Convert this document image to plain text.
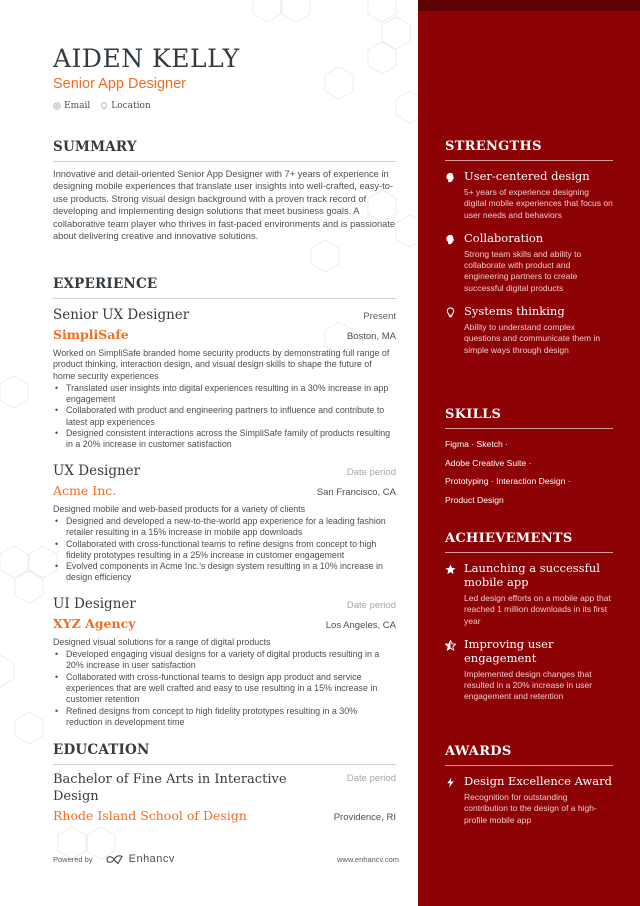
AIDEN KELLY
Senior App Designer
Email Location
SUMMARY

Innovative and detail-oriented Senior App Designer with 7+ years of experience in designing mobile experiences that translate user insights into well-crafted, easy-to-use products. Strong visual design background with a proven track record of developing and implementing design solutions that meet business goals. A collaborative team player who thrives in fast-paced environments and is passionate about delivering creative and innovative solutions.

EXPERIENCE
Senior UX Designer	Present
SimpliSafe	Boston, MA

Worked on SimpliSafe branded home security products by demonstrating full range of product thinking, interaction design, and visual design skills to shape the future of home security experiences

• Translated user insights into digital experiences resulting in a 30% increase in app engagement
• Collaborated with product and engineering partners to influence and contribute to latest app experiences
• Designed consistent interactions across the SimpliSafe family of products resulting in a 20% increase in customer satisfaction
UX Designer	Date period
Acme Inc.	San Francisco, CA

Designed mobile and web-based products for a variety of clients

• Designed and developed a new-to-the-world app experience for a leading fashion retailer resulting in a 15% increase in mobile app downloads
• Collaborated with cross-functional teams to refine designs from concept to high fidelity prototypes resulting in a 25% increase in customer engagement
• Evolved components in Acme Inc.'s design system resulting in a 10% increase in design efficiency
UI Designer	Date period
XYZ Agency	Los Angeles, CA

Designed visual solutions for a range of digital products

• Developed engaging visual designs for a variety of digital products resulting in a 20% increase in user satisfaction
• Collaborated with cross-functional teams to design app product and service experiences that are well crafted and easy to use resulting in a 15% increase in customer retention
• Refined designs from concept to high fidelity prototypes resulting in a 30% reduction in development time
EDUCATION
Bachelor of Fine Arts in Interactive Design
Date period
Rhode Island School of Design	Providence, RI
Powered by	Enhancv	www.enhancv.com
STRENGTHS
User-centered design
5+ years of experience designing digital mobile experiences that focus on user needs and behaviors
Collaboration
Strong team skills and ability to collaborate with product and engineering partners to create successful digital products
Systems thinking
Ability to understand complex questions and communicate them in simple ways through design
SKILLS
Figma · Sketch ·
Adobe Creative Suite ·
Prototyping · Interaction Design ·
Product Design
ACHIEVEMENTS
Launching a successful mobile app
Led design efforts on a mobile app that reached 1 million downloads in its first year
Improving user engagement
Implemented design changes that resulted in a 20% increase in user engagement and retention
AWARDS
Design Excellence Award
Recognition for outstanding contribution to the design of a high-profile mobile app
